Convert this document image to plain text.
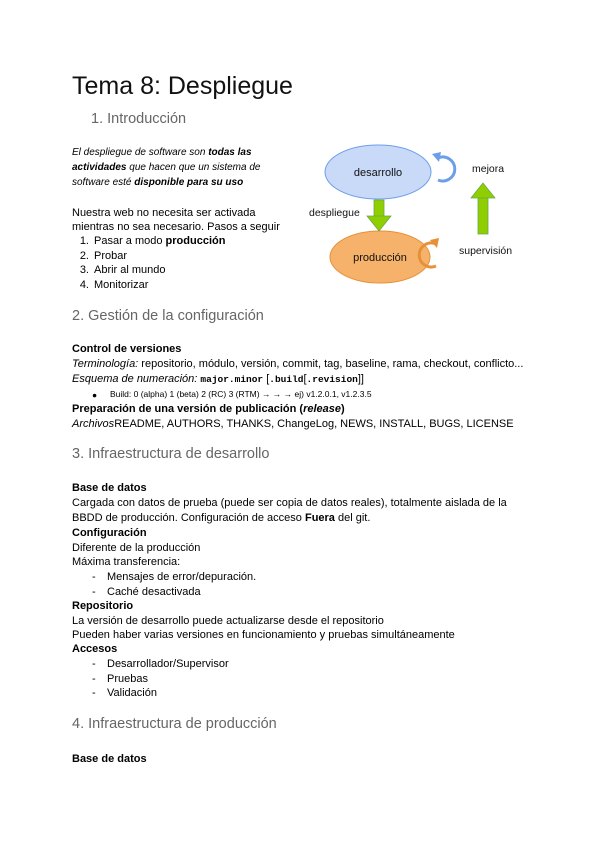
Tema 8: Despliegue
1. Introducción
El despliegue de software son todas las
actividades que hacen que un sistema de
software esté disponible para su uso
Nuestra web no necesita ser activada
mientras no sea necesario. Pasos a seguir
1. Pasar a modo producción
2. Probar
3. Abrir al mundo
4. Monitorizar
desarrollo
producción
despliegue
mejora
supervisión
2. Gestión de la configuración
Control de versiones
Terminología: repositorio, módulo, versión, commit, tag, baseline, rama, checkout, conflicto...
Esquema de numeración: major.minor [.build[.revision]]
● Build: 0 (alpha) 1 (beta) 2 (RC) 3 (RTM) → → → ej) v1.2.0.1, v1.2.3.5
Preparación de una versión de publicación (release)
ArchivosREADME, AUTHORS, THANKS, ChangeLog, NEWS, INSTALL, BUGS, LICENSE
3. Infraestructura de desarrollo
Base de datos
Cargada con datos de prueba (puede ser copia de datos reales), totalmente aislada de la
BBDD de producción. Configuración de acceso Fuera del git.
Configuración
Diferente de la producción
Máxima transferencia:
- Mensajes de error/depuración.
- Caché desactivada
Repositorio
La versión de desarrollo puede actualizarse desde el repositorio
Pueden haber varias versiones en funcionamiento y pruebas simultáneamente
Accesos
- Desarrollador/Supervisor
- Pruebas
- Validación
4. Infraestructura de producción
Base de datos
